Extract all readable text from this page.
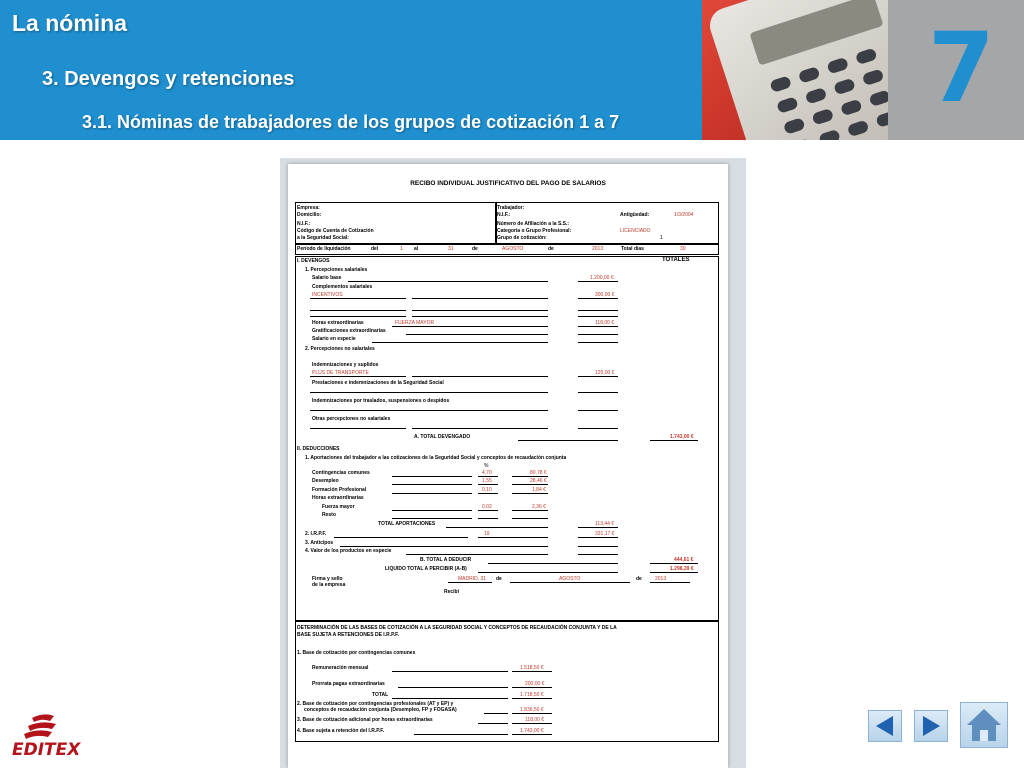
La nómina
3. Devengos y retenciones
3.1. Nóminas de trabajadores de los grupos de cotización 1 a 7	7
RECIBO INDIVIDUAL JUSTIFICATIVO DEL PAGO DE SALARIOS
Empresa:
Domicilio:
N.I.F.:
Código de Cuenta de Cotización
a la Seguridad Social:
Trabajador:
N.I.F.:	Antigüedad:	1/3/2004
Número de Afiliación a la S.S.:
Categoría o Grupo Profesional:	LICENCIADO
Grupo de cotización:	1
Período de liquidación	del	1 al	31	de	AGOSTO	de	2013	Total días	30
I. DEVENGOS	TOTALES
1. Percepciones salariales
Salario base	1.200,00 €
Complementos salariales
INCENTIVOS	300,00 €
Horas extraordinarias	FUERZA MAYOR	118,00 €
Gratificaciones extraordinarias
Salario en especie
2. Percepciones no salariales
Indemnizaciones y suplidos
PLUS DE TRANSPORTE	125,00 €
Prestaciones e indemnizaciones de la Seguridad Social
Indemnizaciones por traslados, suspensiones o despidos
Otras percepciones no salariales
A. TOTAL DEVENGADO	1.743,00 €
II. DEDUCCIONES
1. Aportaciones del trabajador a las cotizaciones de la Seguridad Social y conceptos de recaudación conjunta
%
Contingencias comunes	4,70	80,78 €
Desempleo	1,55	28,46 €
Formación Profesional	0,10	1,84 €
Horas extraordinarias
Fuerza mayor	0,02	2,36 €
Resto
TOTAL APORTACIONES	113,44 €
2. I.R.P.F.	19	331,17 €
3. Anticipos
4. Valor de los productos en especie
B. TOTAL A DEDUCIR	444,61 €
LIQUIDO TOTAL A PERCIBIR (A-B)	1.298,39 €
Firma y sello
de la empresa
MADRID, 31 de	AGOSTO	de	2013
Recibí
DETERMINACIÓN DE LAS BASES DE COTIZACIÓN A LA SEGURIDAD SOCIAL Y CONCEPTOS DE RECAUDACIÓN CONJUNTA Y DE LA
BASE SUJETA A RETENCIONES DE I.R.P.F.
1. Base de cotización por contingencias comunes
Remuneración mensual	1.518,50 €
Prorrata pagas extraordinarias	200,00 €
TOTAL	1.718,50 €
2. Base de cotización por contingencias profesionales (AT y EP) y
conceptos de recaudación conjunta (Desempleo, FP y FOGASA)	1.836,50 €
3. Base de cotización adicional por horas extraordinarias	118,00 €
4. Base sujeta a retención del I.R.P.F.	1.743,00 €
EDITEX
